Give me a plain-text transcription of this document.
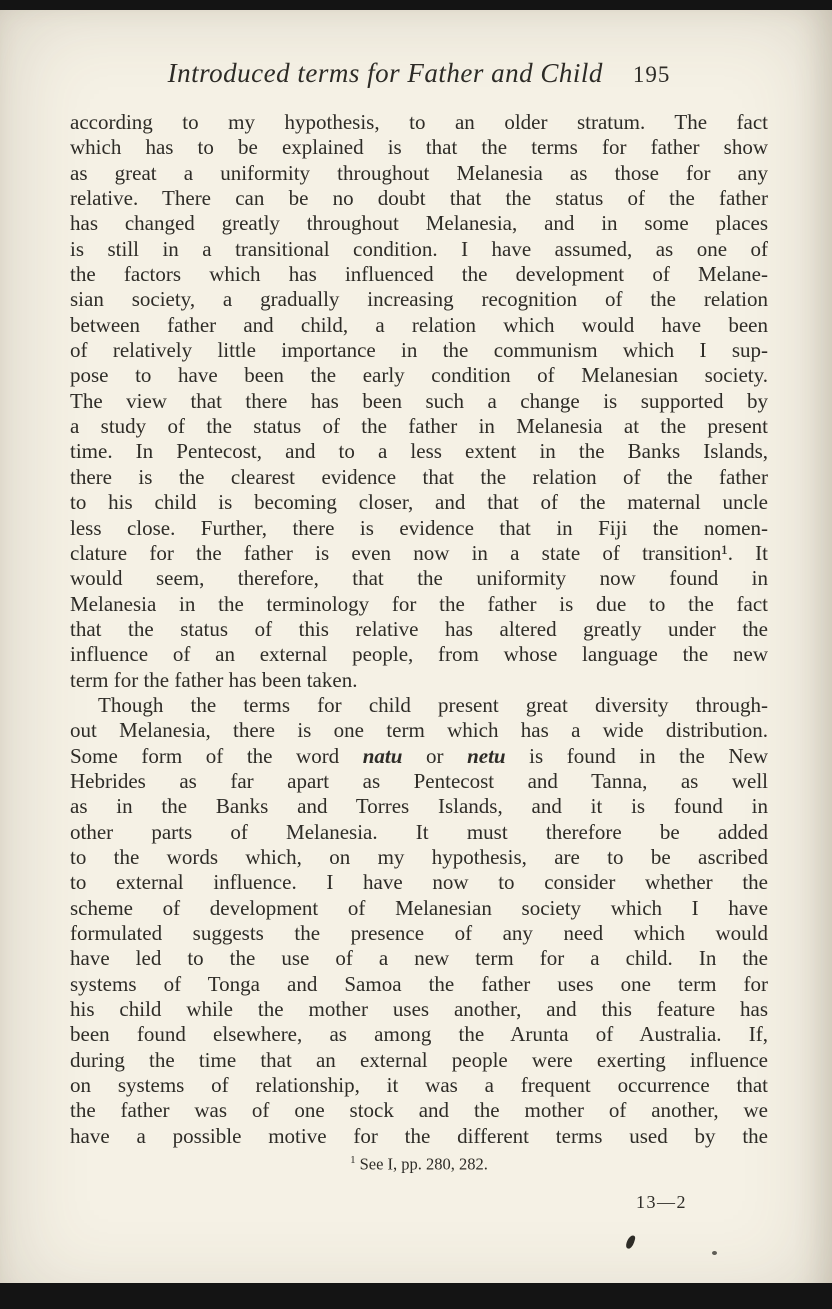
Introduced terms for Father and Child 195
according to my hypothesis, to an older stratum. The fact
which has to be explained is that the terms for father show
as great a uniformity throughout Melanesia as those for any
relative. There can be no doubt that the status of the father
has changed greatly throughout Melanesia, and in some places
is still in a transitional condition. I have assumed, as one of
the factors which has influenced the development of Melane-
sian society, a gradually increasing recognition of the relation
between father and child, a relation which would have been
of relatively little importance in the communism which I sup-
pose to have been the early condition of Melanesian society.
The view that there has been such a change is supported by
a study of the status of the father in Melanesia at the present
time. In Pentecost, and to a less extent in the Banks Islands,
there is the clearest evidence that the relation of the father
to his child is becoming closer, and that of the maternal uncle
less close. Further, there is evidence that in Fiji the nomen-
clature for the father is even now in a state of transition¹. It
would seem, therefore, that the uniformity now found in
Melanesia in the terminology for the father is due to the fact
that the status of this relative has altered greatly under the
influence of an external people, from whose language the new
term for the father has been taken.
Though the terms for child present great diversity through-
out Melanesia, there is one term which has a wide distribution.
Some form of the word natu or netu is found in the New
Hebrides as far apart as Pentecost and Tanna, as well
as in the Banks and Torres Islands, and it is found in
other parts of Melanesia. It must therefore be added
to the words which, on my hypothesis, are to be ascribed
to external influence. I have now to consider whether the
scheme of development of Melanesian society which I have
formulated suggests the presence of any need which would
have led to the use of a new term for a child. In the
systems of Tonga and Samoa the father uses one term for
his child while the mother uses another, and this feature has
been found elsewhere, as among the Arunta of Australia. If,
during the time that an external people were exerting influence
on systems of relationship, it was a frequent occurrence that
the father was of one stock and the mother of another, we
have a possible motive for the different terms used by the
$^1$ See I, pp. 280, 282.
13—2
